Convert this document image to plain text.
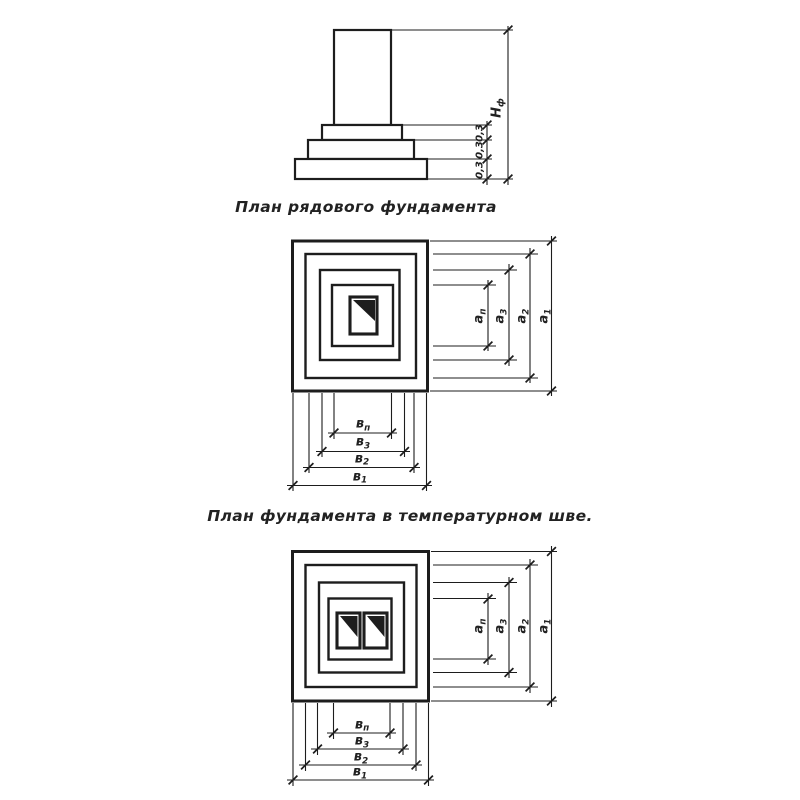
0,3
0,3
0,3
$Н_ф$
План рядового фундамента
$а_п$
$а_3$
$а_2$
$а_1$
$в_п$
$в_3$
$в_2$
$в_1$
План фундамента в температурном шве.
$а_п$
$а_3$
$а_2$
$а_1$
$в_п$
$в_3$
$в_2$
$в_1$
